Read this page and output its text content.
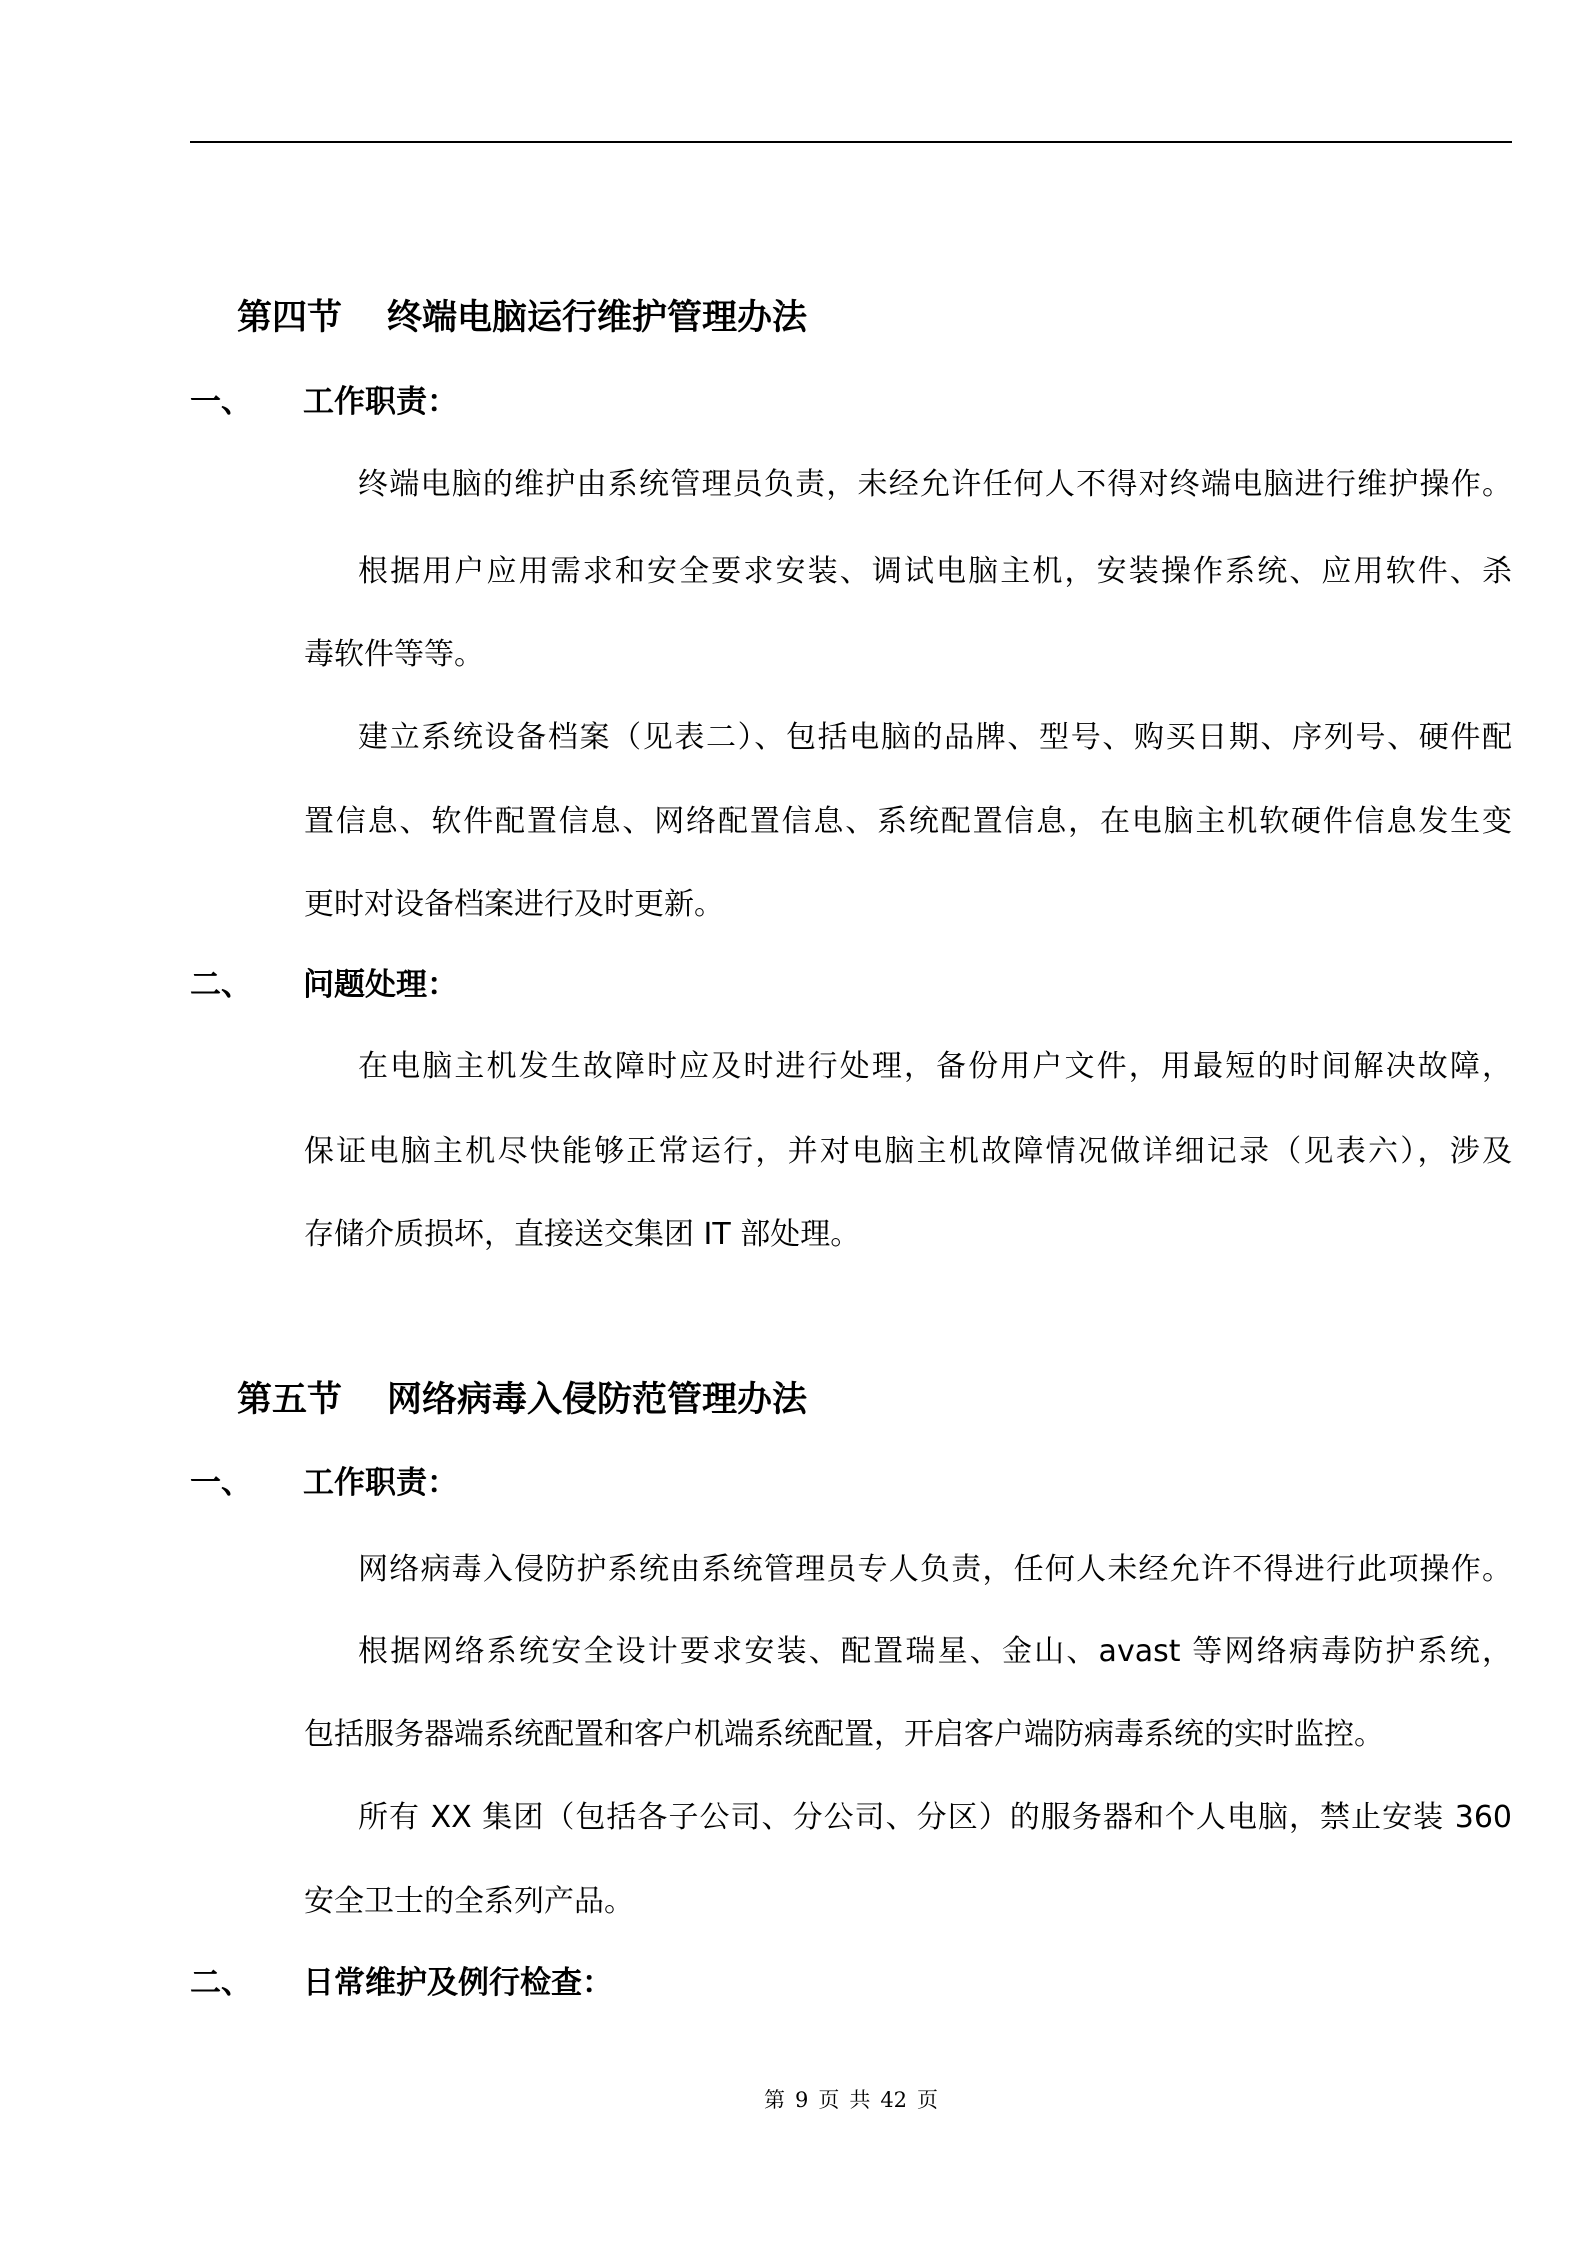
第四节 终端电脑运行维护管理办法
一、 工作职责：
终端电脑的维护由系统管理员负责，未经允许任何人不得对终端电脑进行维护操作。
根据用户应用需求和安全要求安装、调试电脑主机，安装操作系统、应用软件、杀
毒软件等等。
建立系统设备档案（见表二）、包括电脑的品牌、型号、购买日期、序列号、硬件配
置信息、软件配置信息、网络配置信息、系统配置信息，在电脑主机软硬件信息发生变
更时对设备档案进行及时更新。
二、 问题处理：
在电脑主机发生故障时应及时进行处理，备份用户文件，用最短的时间解决故障，
保证电脑主机尽快能够正常运行，并对电脑主机故障情况做详细记录（见表六），涉及
存储介质损坏，直接送交集团 IT 部处理。
第五节 网络病毒入侵防范管理办法
一、 工作职责：
网络病毒入侵防护系统由系统管理员专人负责，任何人未经允许不得进行此项操作。
根据网络系统安全设计要求安装、配置瑞星、金山、avast 等网络病毒防护系统，
包括服务器端系统配置和客户机端系统配置，开启客户端防病毒系统的实时监控。
所有 XX 集团（包括各子公司、分公司、分区）的服务器和个人电脑，禁止安装 360
安全卫士的全系列产品。
二、 日常维护及例行检查：
第 9 页 共 42 页
